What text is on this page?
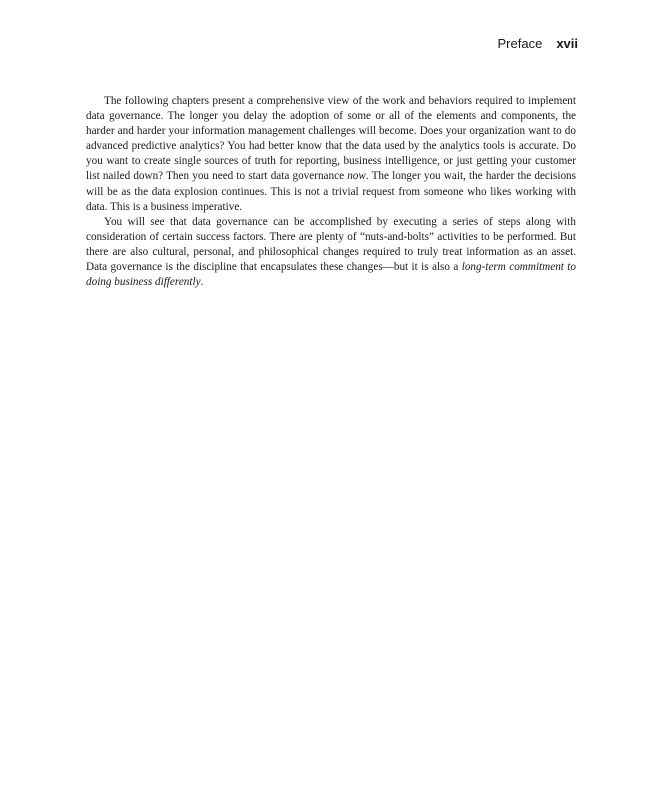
Preface xvii

The following chapters present a comprehensive view of the work and behaviors required to implement data governance. The longer you delay the adoption of some or all of the elements and components, the harder and harder your information management challenges will become. Does your organization want to do advanced predictive analytics? You had better know that the data used by the analytics tools is accurate. Do you want to create single sources of truth for reporting, business intelligence, or just getting your customer list nailed down? Then you need to start data governance now. The longer you wait, the harder the decisions will be as the data explosion continues. This is not a trivial request from someone who likes working with data. This is a business imperative.

You will see that data governance can be accomplished by executing a series of steps along with consideration of certain success factors. There are plenty of “nuts-and-bolts” activities to be performed. But there are also cultural, personal, and philosophical changes required to truly treat information as an asset. Data governance is the discipline that encapsulates these changes—but it is also a long-term commitment to doing business differently.
